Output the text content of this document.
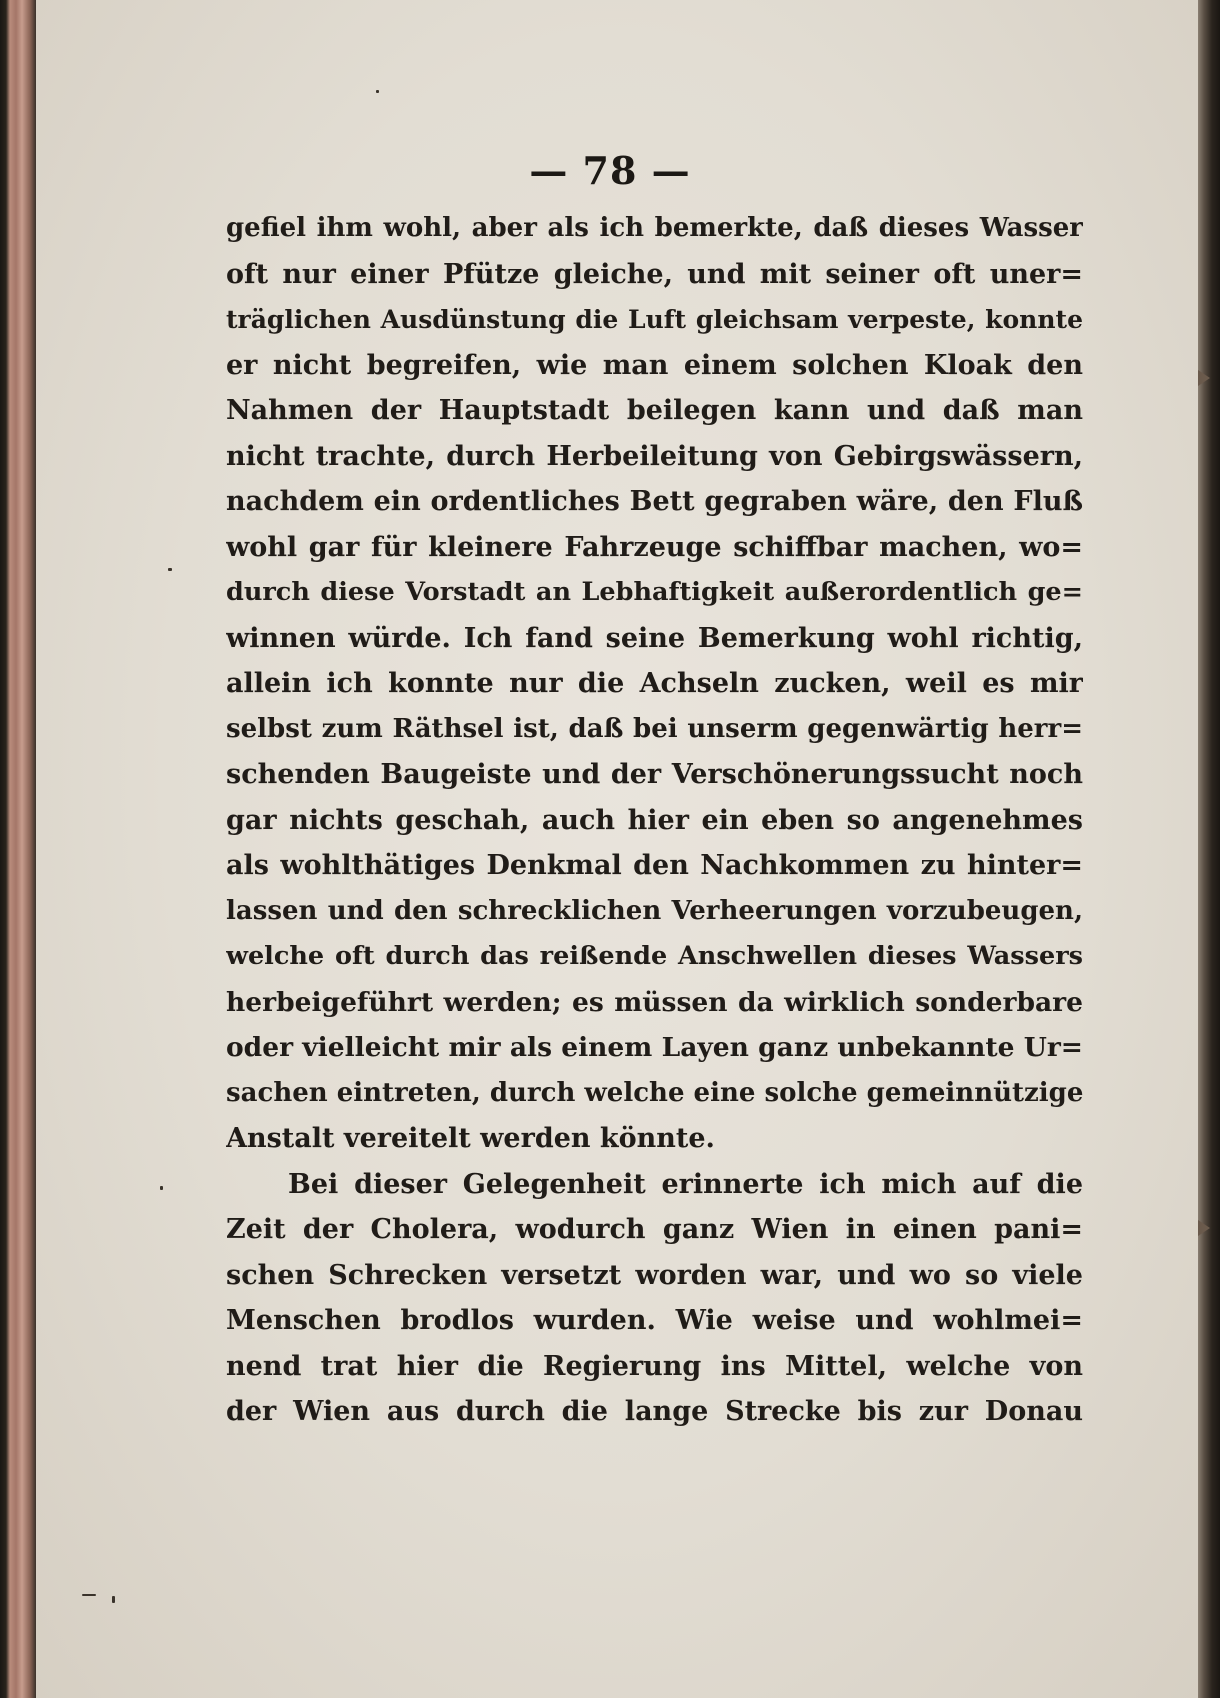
— 78 —
gefiel ihm wohl, aber als ich bemerkte, daß dieses Wasser
oft nur einer Pfütze gleiche, und mit seiner oft uner=
träglichen Ausdünstung die Luft gleichsam verpeste, konnte
er nicht begreifen, wie man einem solchen Kloak den
Nahmen der Hauptstadt beilegen kann und daß man
nicht trachte, durch Herbeileitung von Gebirgswässern,
nachdem ein ordentliches Bett gegraben wäre, den Fluß
wohl gar für kleinere Fahrzeuge schiffbar machen, wo=
durch diese Vorstadt an Lebhaftigkeit außerordentlich ge=
winnen würde. Ich fand seine Bemerkung wohl richtig,
allein ich konnte nur die Achseln zucken, weil es mir
selbst zum Räthsel ist, daß bei unserm gegenwärtig herr=
schenden Baugeiste und der Verschönerungssucht noch
gar nichts geschah, auch hier ein eben so angenehmes
als wohlthätiges Denkmal den Nachkommen zu hinter=
lassen und den schrecklichen Verheerungen vorzubeugen,
welche oft durch das reißende Anschwellen dieses Wassers
herbeigeführt werden; es müssen da wirklich sonderbare
oder vielleicht mir als einem Layen ganz unbekannte Ur=
sachen eintreten, durch welche eine solche gemeinnützige
Anstalt vereitelt werden könnte.
Bei dieser Gelegenheit erinnerte ich mich auf die
Zeit der Cholera, wodurch ganz Wien in einen pani=
schen Schrecken versetzt worden war, und wo so viele
Menschen brodlos wurden. Wie weise und wohlmei=
nend trat hier die Regierung ins Mittel, welche von
der Wien aus durch die lange Strecke bis zur Donau
